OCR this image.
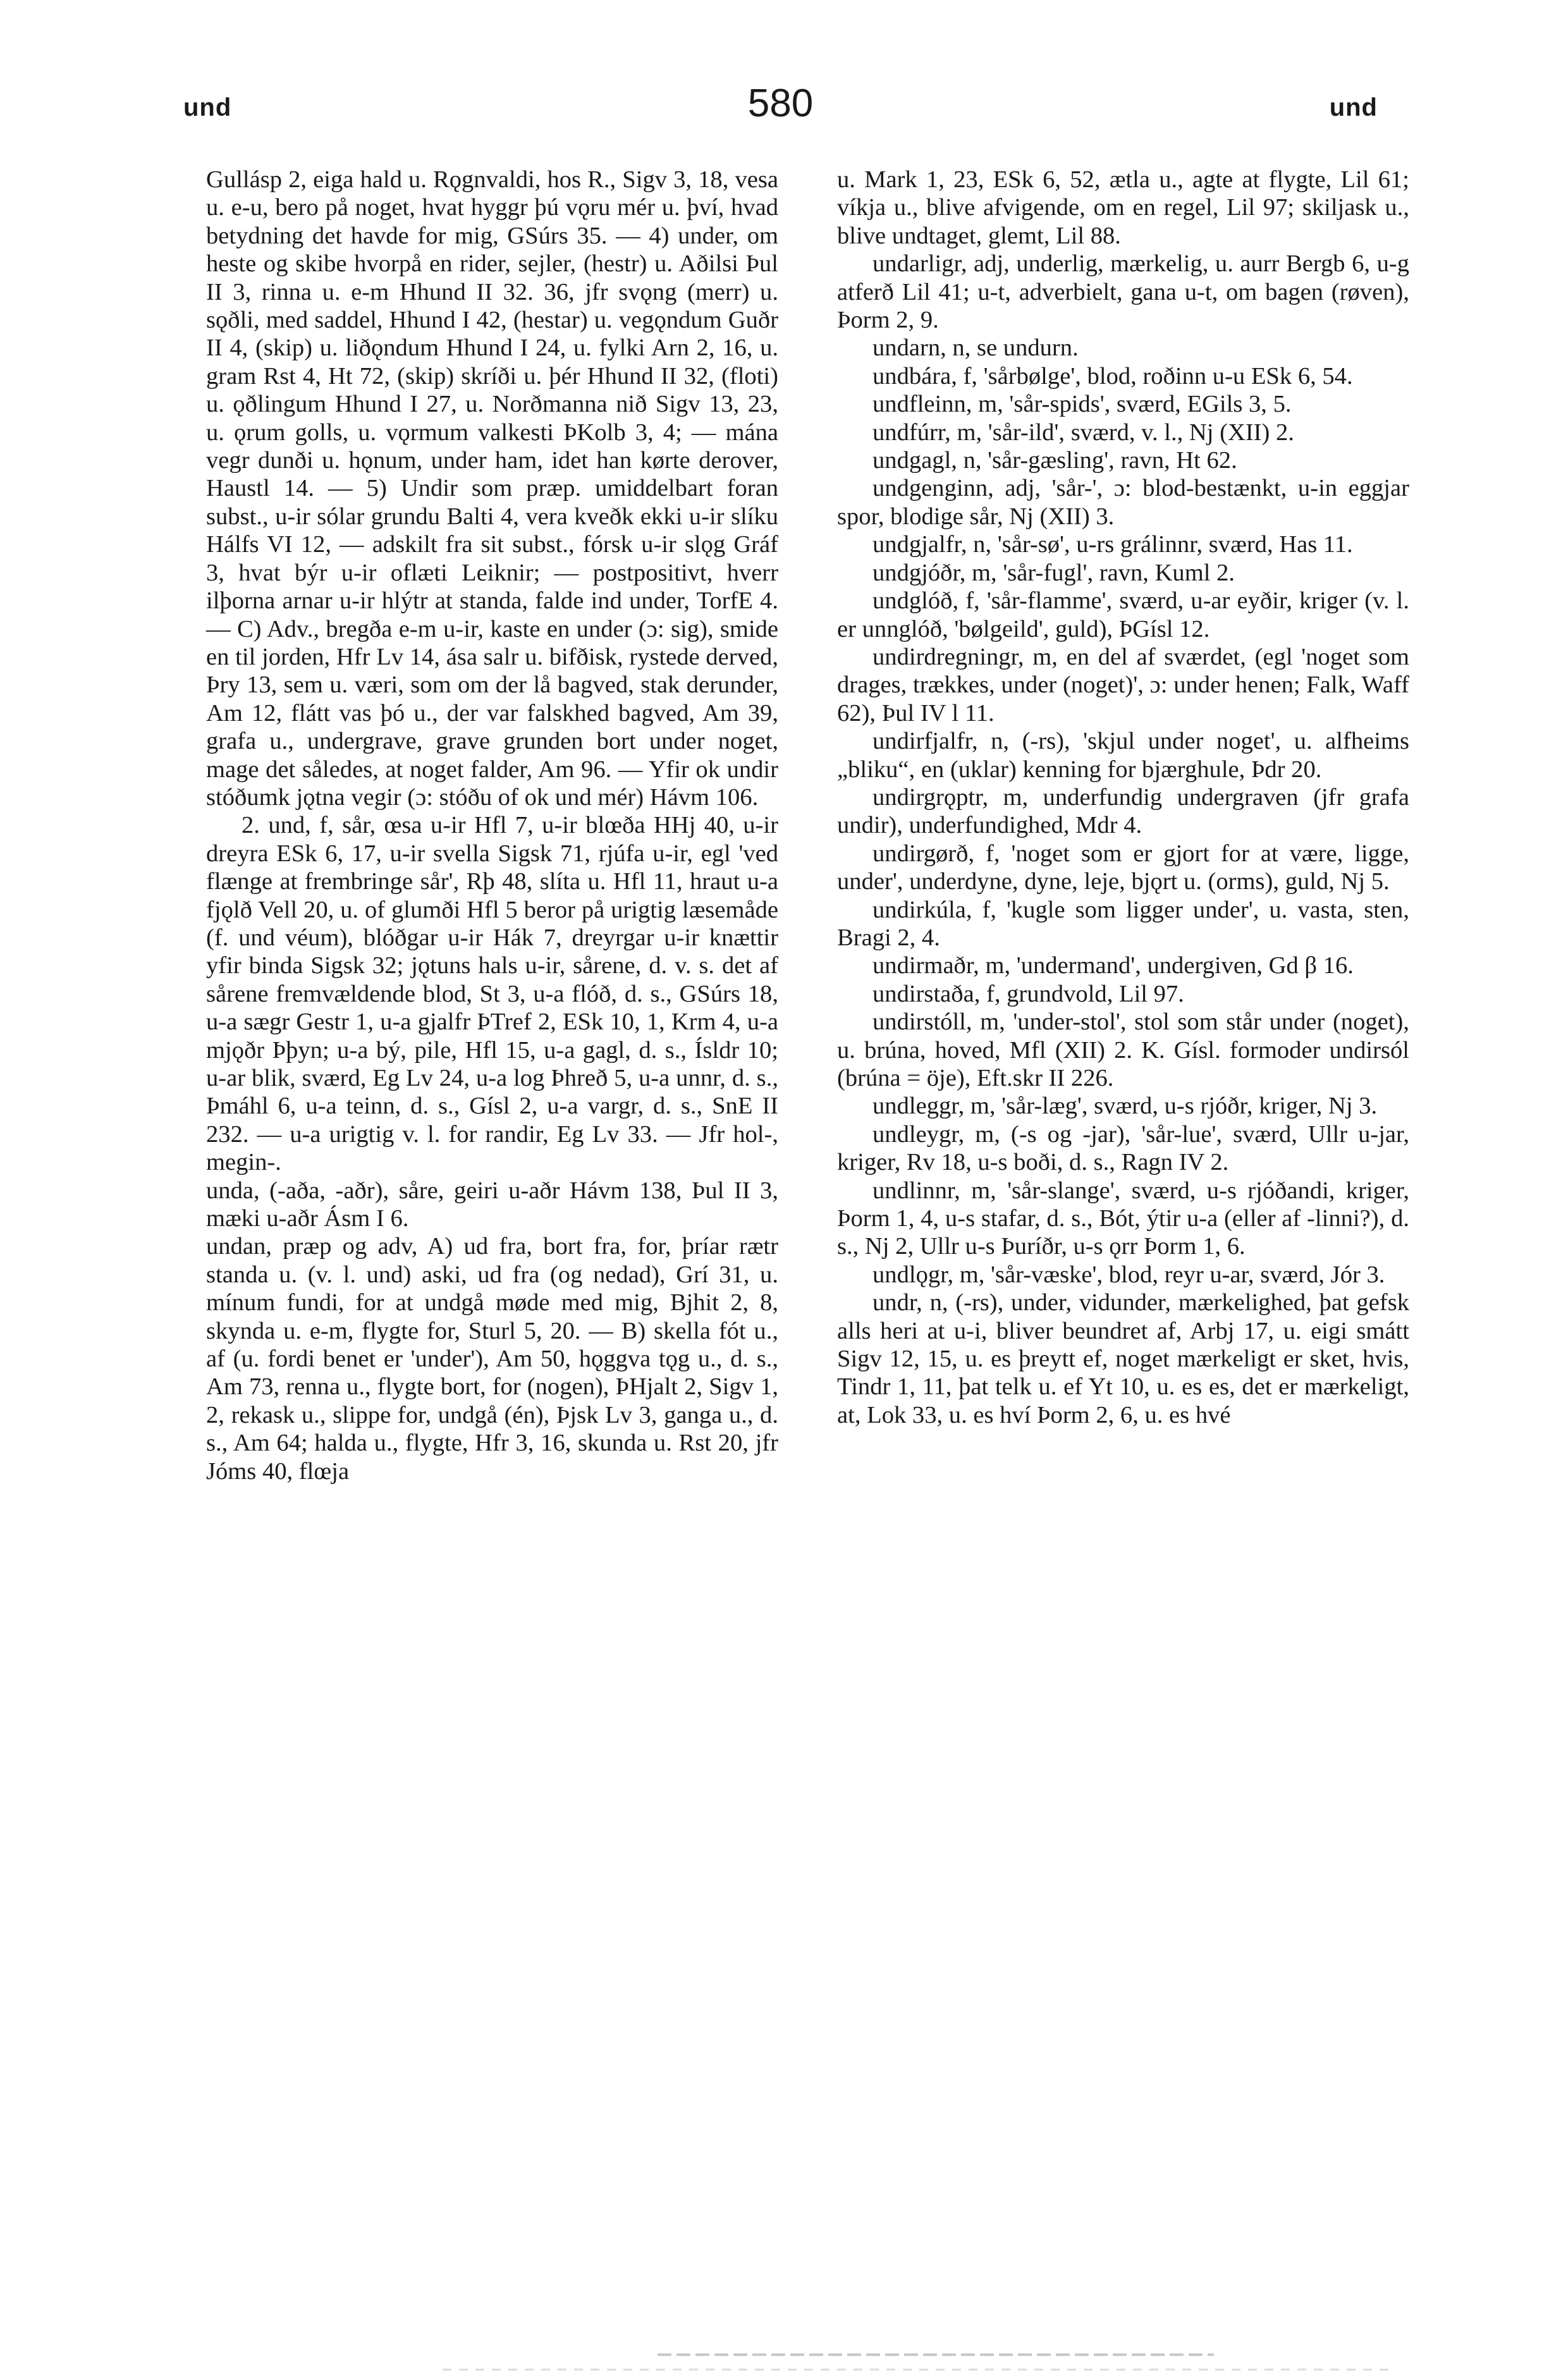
und	580	und

Gullásp 2, eiga hald u. Rǫgnvaldi, hos R., Sigv 3, 18, vesa u. e-u, bero på noget, hvat hyggr þú vǫru mér u. því, hvad betydning det havde for mig, GSúrs 35. — 4) under, om heste og skibe hvorpå en rider, sejler, (hestr) u. Aðilsi Þul II 3, rinna u. e-m Hhund II 32. 36, jfr svǫng (merr) u. sǫðli, med saddel, Hhund I 42, (hestar) u. vegǫndum Guðr II 4, (skip) u. liðǫndum Hhund I 24, u. fylki Arn 2, 16, u. gram Rst 4, Ht 72, (skip) skríði u. þér Hhund II 32, (floti) u. ǫðlingum Hhund I 27, u. Norðmanna nið Sigv 13, 23, u. ǫrum golls, u. vǫrmum valkesti ÞKolb 3, 4; — mána vegr dunði u. hǫnum, under ham, idet han kørte derover, Haustl 14. — 5) Undir som præp. umiddelbart foran subst., u-ir sólar grundu Balti 4, vera kveðk ekki u-ir slíku Hálfs VI 12, — adskilt fra sit subst., fórsk u-ir slǫg Gráf 3, hvat býr u-ir oflæti Leiknir; — postpositivt, hverr ilþorna arnar u-ir hlýtr at standa, falde ind under, TorfE 4. — C) Adv., bregða e-m u-ir, kaste en under (ɔ: sig), smide en til jorden, Hfr Lv 14, ása salr u. bifðisk, rystede derved, Þry 13, sem u. væri, som om der lå bagved, stak derunder, Am 12, flátt vas þó u., der var falskhed bagved, Am 39, grafa u., undergrave, grave grunden bort under noget, mage det således, at noget falder, Am 96. — Yfir ok undir stóðumk jǫtna vegir (ɔ: stóðu of ok und mér) Hávm 106.

2. und, f, sår, œsa u-ir Hfl 7, u-ir blœða HHj 40, u-ir dreyra ESk 6, 17, u-ir svella Sigsk 71, rjúfa u-ir, egl 'ved flænge at frembringe sår', Rþ 48, slíta u. Hfl 11, hraut u-a fjǫlð Vell 20, u. of glumði Hfl 5 beror på urigtig læsemåde (f. und véum), blóðgar u-ir Hák 7, dreyrgar u-ir knættir yfir binda Sigsk 32; jǫtuns hals u-ir, sårene, d. v. s. det af sårene fremvældende blod, St 3, u-a flóð, d. s., GSúrs 18, u-a sægr Gestr 1, u-a gjalfr ÞTref 2, ESk 10, 1, Krm 4, u-a mjǫðr Þþyn; u-a bý, pile, Hfl 15, u-a gagl, d. s., Ísldr 10; u-ar blik, sværd, Eg Lv 24, u-a log Þhreð 5, u-a unnr, d. s., Þmáhl 6, u-a teinn, d. s., Gísl 2, u-a vargr, d. s., SnE II 232. — u-a urigtig v. l. for randir, Eg Lv 33. — Jfr hol-, megin-.

unda, (-aða, -aðr), såre, geiri u-aðr Hávm 138, Þul II 3, mæki u-aðr Ásm I 6.

undan, præp og adv, A) ud fra, bort fra, for, þríar rætr standa u. (v. l. und) aski, ud fra (og nedad), Grí 31, u. mínum fundi, for at undgå møde med mig, Bjhit 2, 8, skynda u. e-m, flygte for, Sturl 5, 20. — B) skella fót u., af (u. fordi benet er 'under'), Am 50, hǫggva tǫg u., d. s., Am 73, renna u., flygte bort, for (nogen), ÞHjalt 2, Sigv 1, 2, rekask u., slippe for, undgå (én), Þjsk Lv 3, ganga u., d. s., Am 64; halda u., flygte, Hfr 3, 16, skunda u. Rst 20, jfr Jóms 40, flœja

u. Mark 1, 23, ESk 6, 52, ætla u., agte at flygte, Lil 61; víkja u., blive afvigende, om en regel, Lil 97; skiljask u., blive undtaget, glemt, Lil 88.

undarligr, adj, underlig, mærkelig, u. aurr Bergb 6, u-g atferð Lil 41; u-t, adverbielt, gana u-t, om bagen (røven), Þorm 2, 9.

undarn, n, se undurn.

undbára, f, 'sårbølge', blod, roðinn u-u ESk 6, 54.

undfleinn, m, 'sår-spids', sværd, EGils 3, 5.

undfúrr, m, 'sår-ild', sværd, v. l., Nj (XII) 2.

undgagl, n, 'sår-gæsling', ravn, Ht 62.

undgenginn, adj, 'sår-', ɔ: blod-bestænkt, u-in eggjar spor, blodige sår, Nj (XII) 3.

undgjalfr, n, 'sår-sø', u-rs grálinnr, sværd, Has 11.

undgjóðr, m, 'sår-fugl', ravn, Kuml 2.

undglóð, f, 'sår-flamme', sværd, u-ar eyðir, kriger (v. l. er unnglóð, 'bølgeild', guld), ÞGísl 12.

undirdregningr, m, en del af sværdet, (egl 'noget som drages, trækkes, under (noget)', ɔ: under henen; Falk, Waff 62), Þul IV l 11.

undirfjalfr, n, (-rs), 'skjul under noget', u. alfheims „bliku“, en (uklar) kenning for bjærghule, Þdr 20.

undirgrǫptr, m, underfundig undergraven (jfr grafa undir), underfundighed, Mdr 4.

undirgørð, f, 'noget som er gjort for at være, ligge, under', underdyne, dyne, leje, bjǫrt u. (orms), guld, Nj 5.

undirkúla, f, 'kugle som ligger under', u. vasta, sten, Bragi 2, 4.

undirmaðr, m, 'undermand', undergiven, Gd β 16.

undirstaða, f, grundvold, Lil 97.

undirstóll, m, 'under-stol', stol som står under (noget), u. brúna, hoved, Mfl (XII) 2. K. Gísl. formoder undirsól (brúna = öje), Eft.skr II 226.

undleggr, m, 'sår-læg', sværd, u-s rjóðr, kriger, Nj 3.

undleygr, m, (-s og -jar), 'sår-lue', sværd, Ullr u-jar, kriger, Rv 18, u-s boði, d. s., Ragn IV 2.

undlinnr, m, 'sår-slange', sværd, u-s rjóðandi, kriger, Þorm 1, 4, u-s stafar, d. s., Bót, ýtir u-a (eller af -linni?), d. s., Nj 2, Ullr u-s Þuríðr, u-s ǫrr Þorm 1, 6.

undlǫgr, m, 'sår-væske', blod, reyr u-ar, sværd, Jór 3.

undr, n, (-rs), under, vidunder, mærkelighed, þat gefsk alls heri at u-i, bliver beundret af, Arbj 17, u. eigi smátt Sigv 12, 15, u. es þreytt ef, noget mærkeligt er sket, hvis, Tindr 1, 11, þat telk u. ef Yt 10, u. es es, det er mærkeligt, at, Lok 33, u. es hví Þorm 2, 6, u. es hvé
